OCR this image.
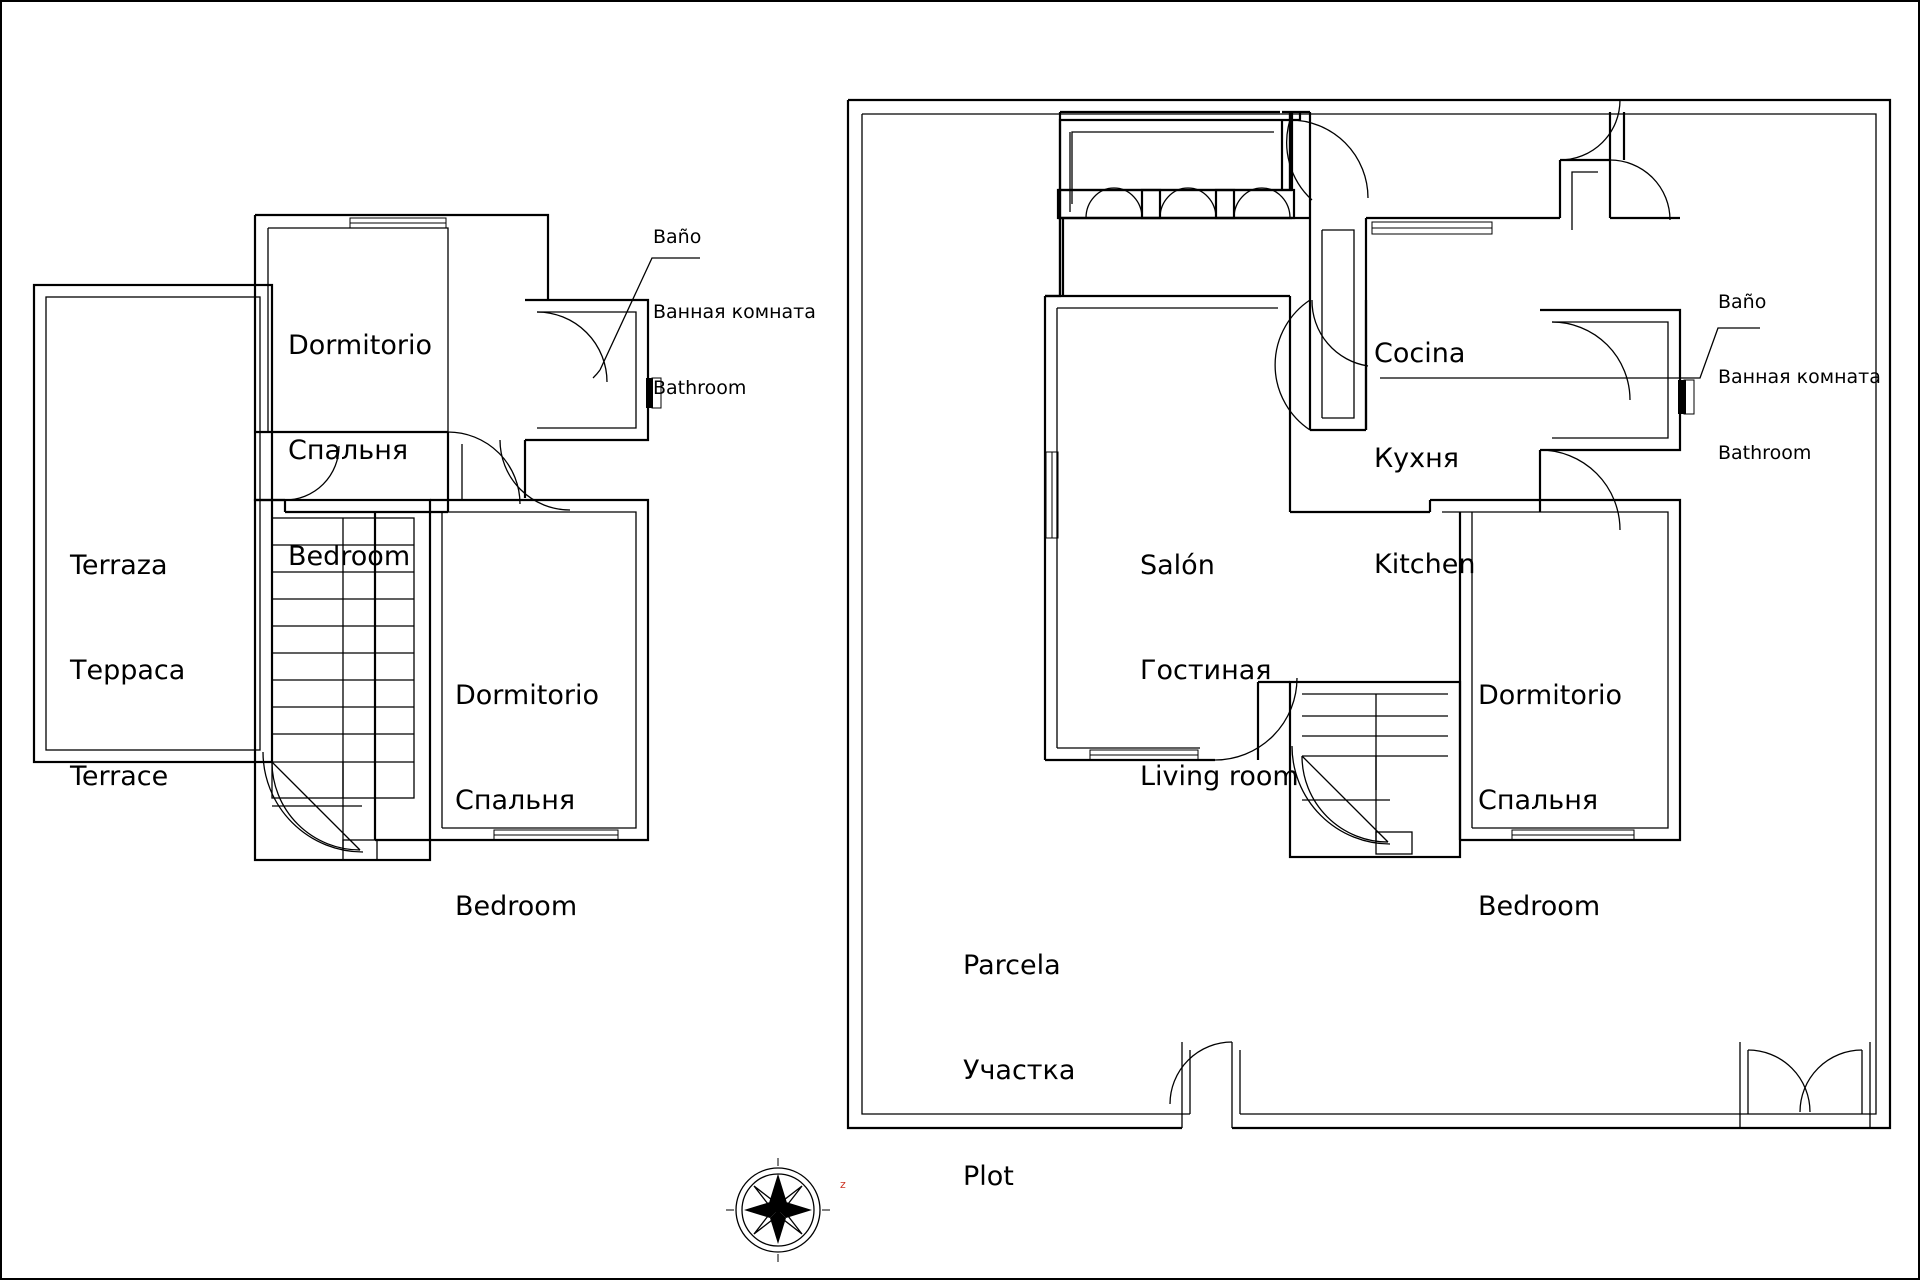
z

Baño

Ванная комната

Bathroom

Dormitorio

Спальня

Bedroom

Terraza

Терраса

Terrace

Dormitorio

Спальня

Bedroom

Cocina

Кухня

Kitchen

Baño

Ванная комната

Bathroom

Salón

Гостиная

Living room

Dormitorio

Спальня

Bedroom

Parcela

Участка

Plot
